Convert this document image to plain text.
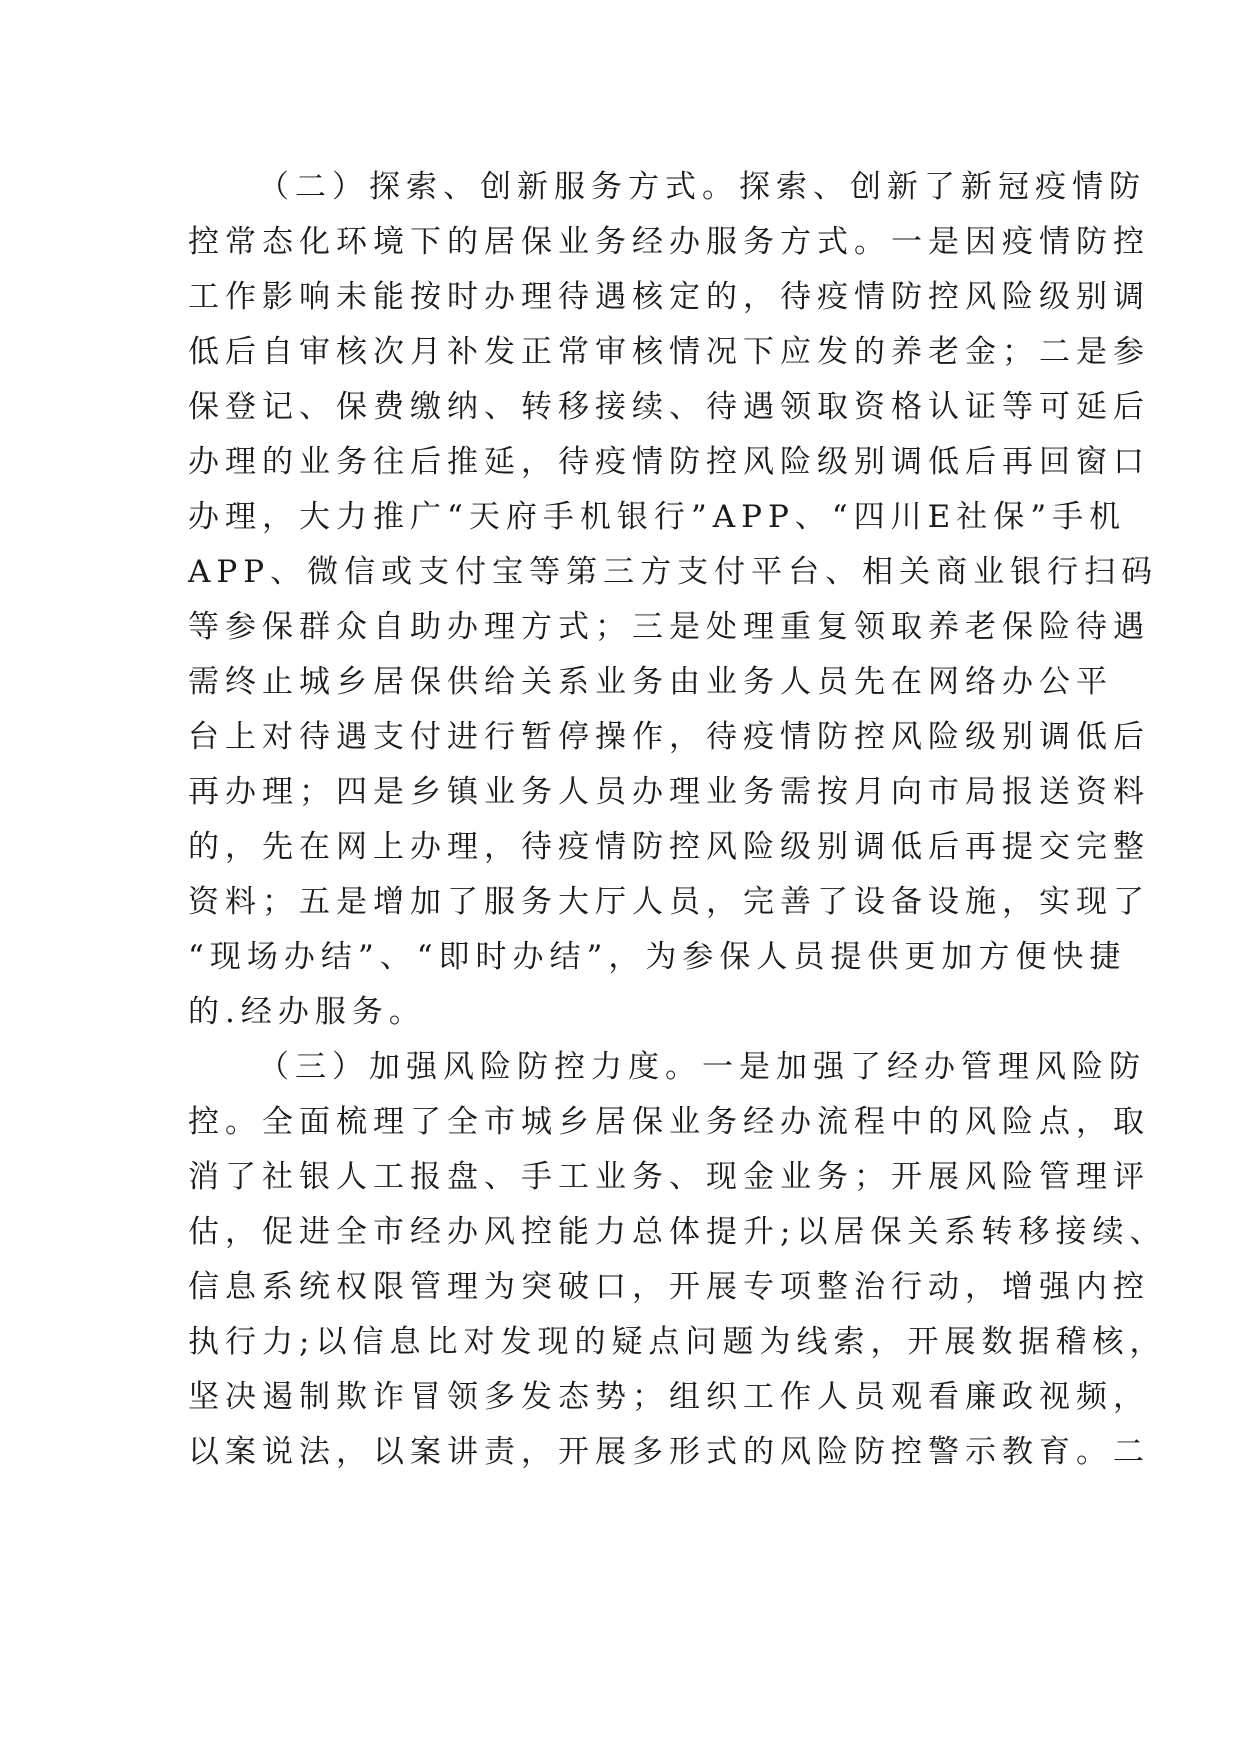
（二）探索、创新服务方式。探索、创新了新冠疫情防
控常态化环境下的居保业务经办服务方式。一是因疫情防控
工作影响未能按时办理待遇核定的，待疫情防控风险级别调
低后自审核次月补发正常审核情况下应发的养老金；二是参
保登记、保费缴纳、转移接续、待遇领取资格认证等可延后
办理的业务往后推延，待疫情防控风险级别调低后再回窗口
办理，大力推广“天府手机银行”APP、“四川E社保”手机
APP、微信或支付宝等第三方支付平台、相关商业银行扫码
等参保群众自助办理方式；三是处理重复领取养老保险待遇
需终止城乡居保供给关系业务由业务人员先在网络办公平
台上对待遇支付进行暂停操作，待疫情防控风险级别调低后
再办理；四是乡镇业务人员办理业务需按月向市局报送资料
的，先在网上办理，待疫情防控风险级别调低后再提交完整
资料；五是增加了服务大厅人员，完善了设备设施，实现了
“现场办结”、“即时办结”，为参保人员提供更加方便快捷
的.经办服务。
（三）加强风险防控力度。一是加强了经办管理风险防
控。全面梳理了全市城乡居保业务经办流程中的风险点，取
消了社银人工报盘、手工业务、现金业务；开展风险管理评
估，促进全市经办风控能力总体提升;以居保关系转移接续、
信息系统权限管理为突破口，开展专项整治行动，增强内控
执行力;以信息比对发现的疑点问题为线索，开展数据稽核，
坚决遏制欺诈冒领多发态势；组织工作人员观看廉政视频，
以案说法，以案讲责，开展多形式的风险防控警示教育。二
